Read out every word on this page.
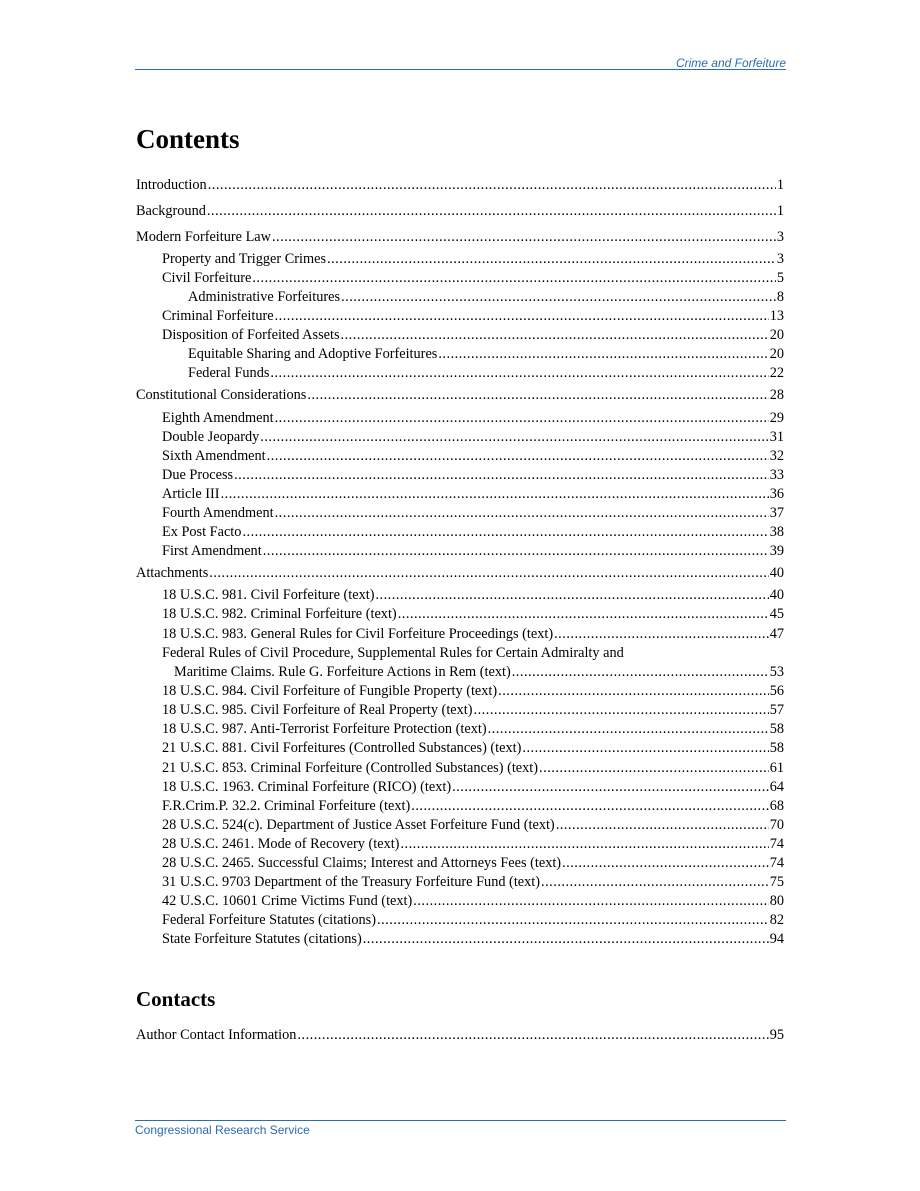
Crime and Forfeiture
Contents
Introduction .....	1
Background .....	1
Modern Forfeiture Law .....	3
Property and Trigger Crimes .....	3
Civil Forfeiture .....	5
Administrative Forfeitures .....	8
Criminal Forfeiture .....	13
Disposition of Forfeited Assets .....	20
Equitable Sharing and Adoptive Forfeitures .....	20
Federal Funds .....	22
Constitutional Considerations .....	28
Eighth Amendment .....	29
Double Jeopardy .....	31
Sixth Amendment .....	32
Due Process .....	33
Article III .....	36
Fourth Amendment .....	37
Ex Post Facto .....	38
First Amendment .....	39
Attachments .....	40
18 U.S.C. 981. Civil Forfeiture (text) .....	40
18 U.S.C. 982. Criminal Forfeiture (text) .....	45
18 U.S.C. 983. General Rules for Civil Forfeiture Proceedings (text) .....	47
Federal Rules of Civil Procedure, Supplemental Rules for Certain Admiralty and
Maritime Claims. Rule G. Forfeiture Actions in Rem (text) .....	53
18 U.S.C. 984. Civil Forfeiture of Fungible Property (text) .....	56
18 U.S.C. 985. Civil Forfeiture of Real Property (text) .....	57
18 U.S.C. 987. Anti-Terrorist Forfeiture Protection (text) .....	58
21 U.S.C. 881. Civil Forfeitures (Controlled Substances) (text) .....	58
21 U.S.C. 853. Criminal Forfeiture (Controlled Substances) (text) .....	61
18 U.S.C. 1963. Criminal Forfeiture (RICO) (text) .....	64
F.R.Crim.P. 32.2. Criminal Forfeiture (text) .....	68
28 U.S.C. 524(c). Department of Justice Asset Forfeiture Fund (text) .....	70
28 U.S.C. 2461. Mode of Recovery (text) .....	74
28 U.S.C. 2465. Successful Claims; Interest and Attorneys Fees (text) .....	74
31 U.S.C. 9703 Department of the Treasury Forfeiture Fund (text) .....	75
42 U.S.C. 10601 Crime Victims Fund (text) .....	80
Federal Forfeiture Statutes (citations) .....	82
State Forfeiture Statutes (citations) .....	94
Contacts
Author Contact Information .....	95
Congressional Research Service
